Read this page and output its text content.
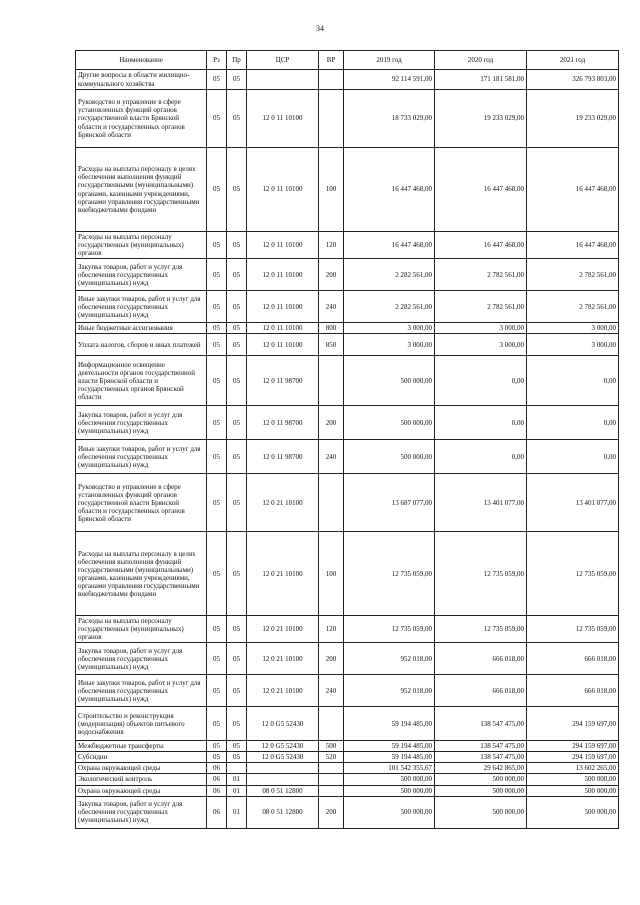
34
Наименование	Рз	Пр	ЦСР	ВР	2019 год	2020 год	2021 год
Другие вопросы в области жилищно-коммунального хозяйства	05	05			92 114 591,00	171 181 581,00	326 793 803,00
Руководство и управление в сфере установленных функций органов государственной власти Брянской области и государственных органов Брянской области	05	05	12 0 11 10100		18 733 029,00	19 233 029,00	19 233 029,00
Расходы на выплаты персоналу в целях обеспечения выполнения функций государственными (муниципальными) органами, казенными учреждениями, органами управления государственными внебюджетными фондами	05	05	12 0 11 10100	100	16 447 468,00	16 447 468,00	16 447 468,00
Расходы на выплаты персоналу государственных (муниципальных) органов	05	05	12 0 11 10100	120	16 447 468,00	16 447 468,00	16 447 468,00
Закупка товаров, работ и услуг для обеспечения государственных (муниципальных) нужд	05	05	12 0 11 10100	200	2 282 561,00	2 782 561,00	2 782 561,00
Иные закупки товаров, работ и услуг для обеспечения государственных (муниципальных) нужд	05	05	12 0 11 10100	240	2 282 561,00	2 782 561,00	2 782 561,00
Иные бюджетные ассигнования	05	05	12 0 11 10100	800	3 000,00	3 000,00	3 000,00
Уплата налогов, сборов и иных платежей	05	05	12 0 11 10100	850	3 000,00	3 000,00	3 000,00
Информационное освещение деятельности органов государственной власти Брянской области и государственных органов Брянской области	05	05	12 0 11 98700		500 000,00	0,00	0,00
Закупка товаров, работ и услуг для обеспечения государственных (муниципальных) нужд	05	05	12 0 11 98700	200	500 000,00	0,00	0,00
Иные закупки товаров, работ и услуг для обеспечения государственных (муниципальных) нужд	05	05	12 0 11 98700	240	500 000,00	0,00	0,00
Руководство и управление в сфере установленных функций органов государственной власти Брянской области и государственных органов Брянской области	05	05	12 0 21 10100		13 687 077,00	13 401 077,00	13 401 077,00
Расходы на выплаты персоналу в целях обеспечения выполнения функций государственными (муниципальными) органами, казенными учреждениями, органами управления государственными внебюджетными фондами	05	05	12 0 21 10100	100	12 735 059,00	12 735 059,00	12 735 059,00
Расходы на выплаты персоналу государственных (муниципальных) органов	05	05	12 0 21 10100	120	12 735 059,00	12 735 059,00	12 735 059,00
Закупка товаров, работ и услуг для обеспечения государственных (муниципальных) нужд	05	05	12 0 21 10100	200	952 018,00	666 018,00	666 018,00
Иные закупки товаров, работ и услуг для обеспечения государственных (муниципальных) нужд	05	05	12 0 21 10100	240	952 018,00	666 018,00	666 018,00
Строительство и реконструкция (модернизация) объектов питьевого водоснабжения	05	05	12 0 G5 52430		59 194 485,00	138 547 475,00	294 159 697,00
Межбюджетные трансферты	05	05	12 0 G5 52430	500	59 194 485,00	138 547 475,00	294 159 697,00
Субсидии	05	05	12 0 G5 52430	520	59 194 485,00	138 547 475,00	294 159 697,00
Охрана окружающей среды	06				101 542 355,67	29 642 865,00	13 602 265,00
Экологический контроль	06	01			500 000,00	500 000,00	500 000,00
Охрана окружающей среды	06	01	08 0 51 12800		500 000,00	500 000,00	500 000,00
Закупка товаров, работ и услуг для обеспечения государственных (муниципальных) нужд	06	01	08 0 51 12800	200	500 000,00	500 000,00	500 000,00
